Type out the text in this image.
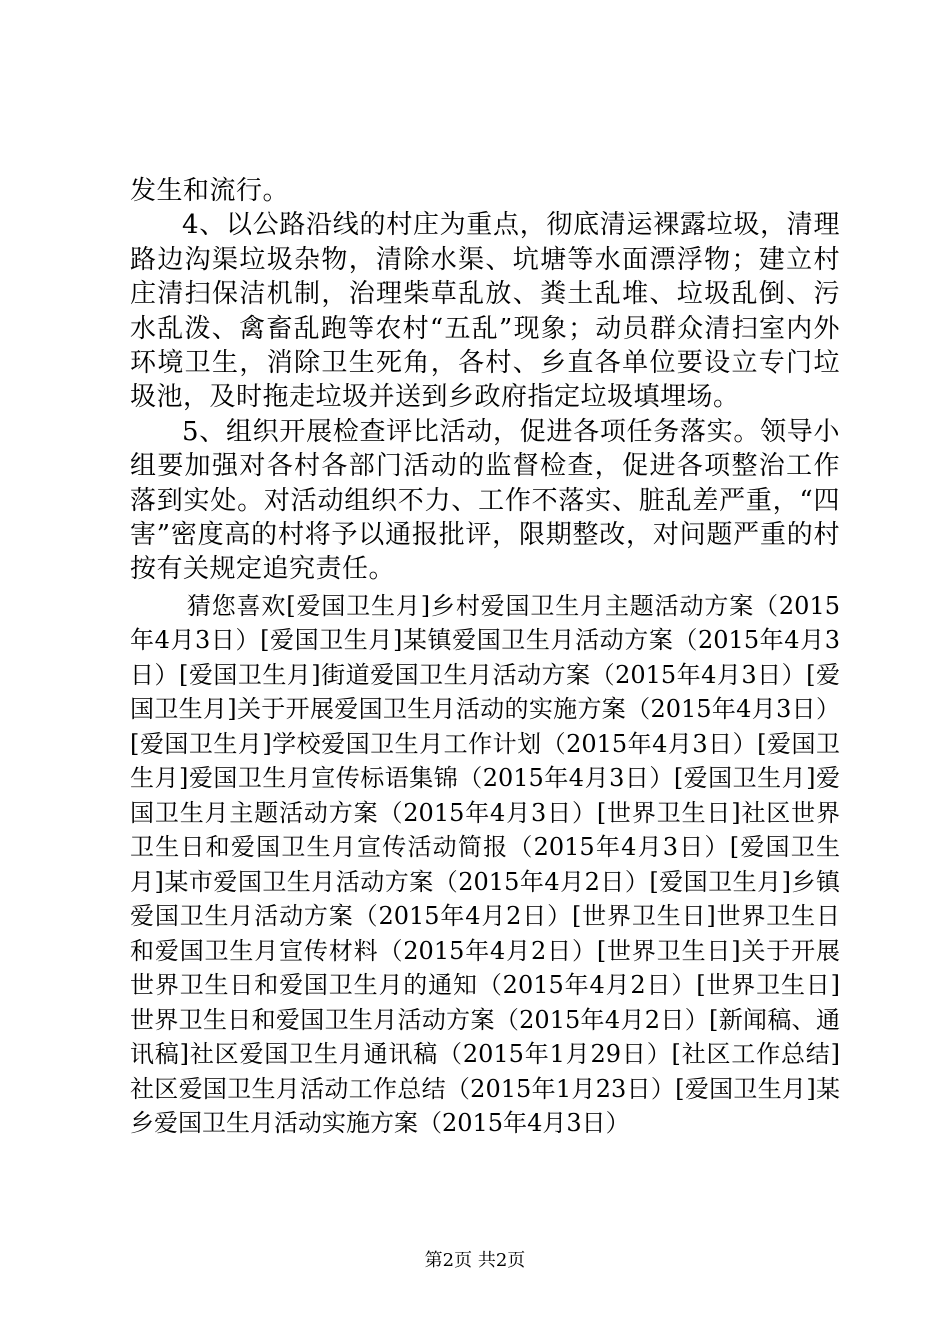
发生和流行。

4、以公路沿线的村庄为重点，彻底清运裸露垃圾，清理路边沟渠垃圾杂物，清除水渠、坑塘等水面漂浮物；建立村庄清扫保洁机制，治理柴草乱放、粪土乱堆、垃圾乱倒、污水乱泼、禽畜乱跑等农村“五乱”现象；动员群众清扫室内外环境卫生，消除卫生死角，各村、乡直各单位要设立专门垃圾池，及时拖走垃圾并送到乡政府指定垃圾填埋场。

5、组织开展检查评比活动，促进各项任务落实。领导小组要加强对各村各部门活动的监督检查，促进各项整治工作落到实处。对活动组织不力、工作不落实、脏乱差严重，“四害”密度高的村将予以通报批评，限期整改，对问题严重的村按有关规定追究责任。

猜您喜欢[爱国卫生月]乡村爱国卫生月主题活动方案（2015年4月3日）[爱国卫生月]某镇爱国卫生月活动方案（2015年4月3日）[爱国卫生月]街道爱国卫生月活动方案（2015年4月3日）[爱国卫生月]关于开展爱国卫生月活动的实施方案（2015年4月3日）[爱国卫生月]学校爱国卫生月工作计划（2015年4月3日）[爱国卫生月]爱国卫生月宣传标语集锦（2015年4月3日）[爱国卫生月]爱国卫生月主题活动方案（2015年4月3日）[世界卫生日]社区世界卫生日和爱国卫生月宣传活动简报（2015年4月3日）[爱国卫生月]某市爱国卫生月活动方案（2015年4月2日）[爱国卫生月]乡镇爱国卫生月活动方案（2015年4月2日）[世界卫生日]世界卫生日和爱国卫生月宣传材料（2015年4月2日）[世界卫生日]关于开展世界卫生日和爱国卫生月的通知（2015年4月2日）[世界卫生日]世界卫生日和爱国卫生月活动方案（2015年4月2日）[新闻稿、通讯稿]社区爱国卫生月通讯稿（2015年1月29日）[社区工作总结]社区爱国卫生月活动工作总结（2015年1月23日）[爱国卫生月]某乡爱国卫生月活动实施方案（2015年4月3日）

第2页 共2页
